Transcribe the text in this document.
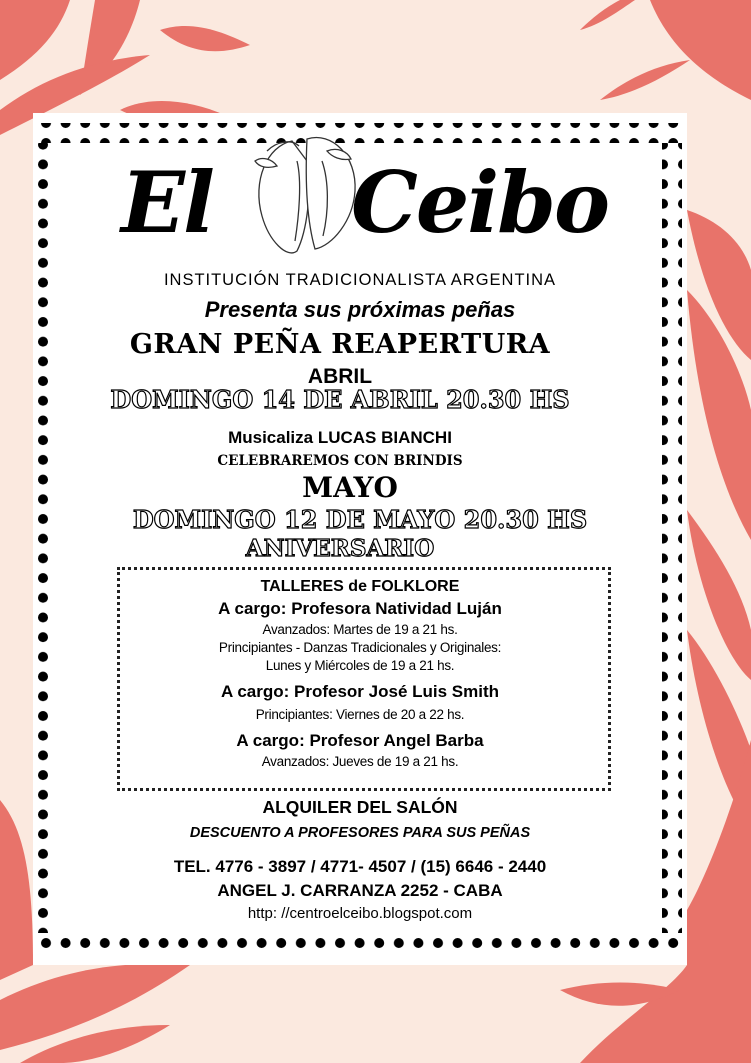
El Ceibo
INSTITUCIÓN TRADICIONALISTA ARGENTINA
Presenta sus próximas peñas
GRAN PEÑA REAPERTURA
ABRIL
DOMINGO 14 DE ABRIL 20.30 HS
Musicaliza LUCAS BIANCHI
CELEBRAREMOS CON BRINDIS
MAYO
DOMINGO 12 DE MAYO 20.30 HS
ANIVERSARIO
TALLERES de FOLKLORE
A cargo: Profesora Natividad Luján
Avanzados: Martes de 19 a 21 hs.
Principiantes - Danzas Tradicionales y Originales:
Lunes y Miércoles de 19 a 21 hs.
A cargo: Profesor José Luis Smith
Principiantes: Viernes de 20 a 22 hs.
A cargo: Profesor Angel Barba
Avanzados: Jueves de 19 a 21 hs.
ALQUILER DEL SALÓN
DESCUENTO A PROFESORES PARA SUS PEÑAS
TEL. 4776 - 3897 / 4771- 4507 / (15) 6646 - 2440
ANGEL J. CARRANZA 2252 - CABA
http: //centroelceibo.blogspot.com
